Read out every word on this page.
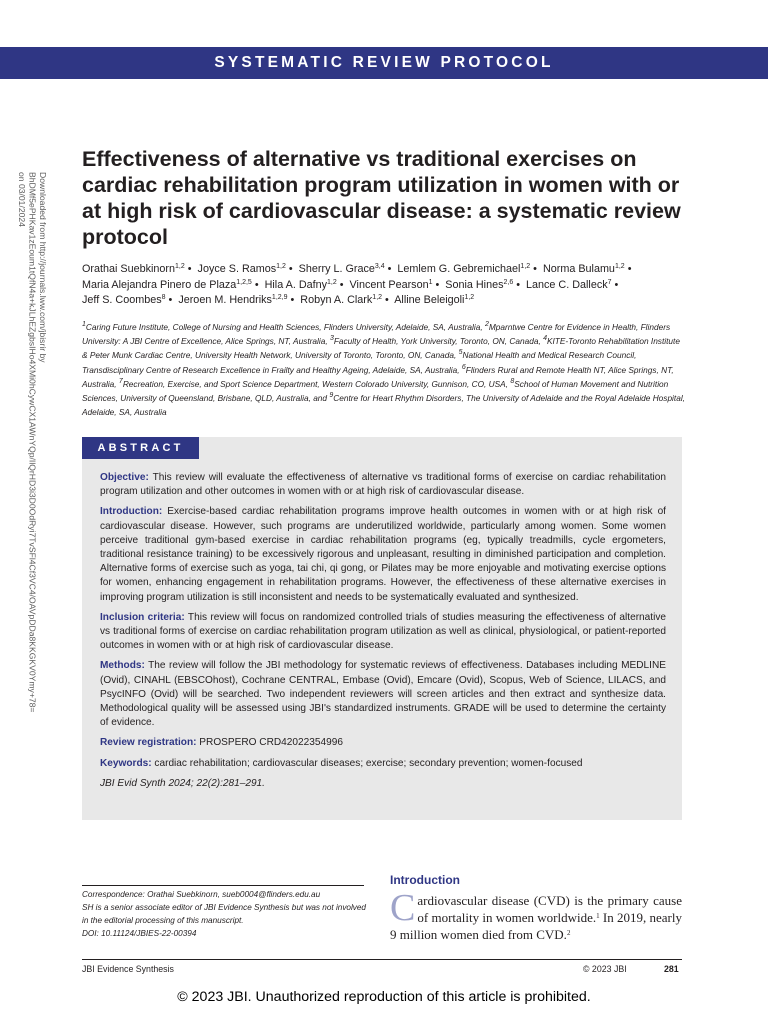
SYSTEMATIC REVIEW PROTOCOL
Downloaded from http://journals.lww.com/jbisrir by BhDMf5ePHKav1zEoum1tQfN4a+kJLhEZgbsIHo4XMi0hCywCX1AWnYQp/IlQrHD3i3D0OdRyi7TvSFl4Cf3VC4/OAVpDDa8KKGKV0Ymy+78= on 03/01/2024
Effectiveness of alternative vs traditional exercises on cardiac rehabilitation program utilization in women with or at high risk of cardiovascular disease: a systematic review protocol
Orathai Suebkinorn$^{1,2}$ • Joyce S. Ramos$^{1,2}$ • Sherry L. Grace$^{3,4}$ • Lemlem G. Gebremichael$^{1,2}$ • Norma Bulamu$^{1,2}$ • Maria Alejandra Pinero de Plaza$^{1,2,5}$ • Hila A. Dafny$^{1,2}$ • Vincent Pearson$^1$ • Sonia Hines$^{2,6}$ • Lance C. Dalleck$^7$ • Jeff S. Coombes$^8$ • Jeroen M. Hendriks$^{1,2,9}$ • Robyn A. Clark$^{1,2}$ • Alline Beleigoli$^{1,2}$
$^1$Caring Future Institute, College of Nursing and Health Sciences, Flinders University, Adelaide, SA, Australia, $^2$Mparntwe Centre for Evidence in Health, Flinders University: A JBI Centre of Excellence, Alice Springs, NT, Australia, $^3$Faculty of Health, York University, Toronto, ON, Canada, $^4$KITE-Toronto Rehabilitation Institute & Peter Munk Cardiac Centre, University Health Network, University of Toronto, Toronto, ON, Canada, $^5$National Health and Medical Research Council, Transdisciplinary Centre of Research Excellence in Frailty and Healthy Ageing, Adelaide, SA, Australia, $^6$Flinders Rural and Remote Health NT, Alice Springs, NT, Australia, $^7$Recreation, Exercise, and Sport Science Department, Western Colorado University, Gunnison, CO, USA, $^8$School of Human Movement and Nutrition Sciences, University of Queensland, Brisbane, QLD, Australia, and $^9$Centre for Heart Rhythm Disorders, The University of Adelaide and the Royal Adelaide Hospital, Adelaide, SA, Australia
ABSTRACT

Objective: This review will evaluate the effectiveness of alternative vs traditional forms of exercise on cardiac rehabilitation program utilization and other outcomes in women with or at high risk of cardiovascular disease.

Introduction: Exercise-based cardiac rehabilitation programs improve health outcomes in women with or at high risk of cardiovascular disease. However, such programs are underutilized worldwide, particularly among women. Some women perceive traditional gym-based exercise in cardiac rehabilitation programs (eg, typically treadmills, cycle ergometers, traditional resistance training) to be excessively rigorous and unpleasant, resulting in diminished participation and completion. Alternative forms of exercise such as yoga, tai chi, qi gong, or Pilates may be more enjoyable and motivating exercise options for women, enhancing engagement in rehabilitation programs. However, the effectiveness of these alternative exercises in improving program utilization is still inconsistent and needs to be systematically evaluated and synthesized.

Inclusion criteria: This review will focus on randomized controlled trials of studies measuring the effectiveness of alternative vs traditional forms of exercise on cardiac rehabilitation program utilization as well as clinical, physiological, or patient-reported outcomes in women with or at high risk of cardiovascular disease.

Methods: The review will follow the JBI methodology for systematic reviews of effectiveness. Databases including MEDLINE (Ovid), CINAHL (EBSCOhost), Cochrane CENTRAL, Embase (Ovid), Emcare (Ovid), Scopus, Web of Science, LILACS, and PsycINFO (Ovid) will be searched. Two independent reviewers will screen articles and then extract and synthesize data. Methodological quality will be assessed using JBI's standardized instruments. GRADE will be used to determine the certainty of evidence.

Review registration: PROSPERO CRD42022354996

Keywords: cardiac rehabilitation; cardiovascular diseases; exercise; secondary prevention; women-focused

JBI Evid Synth 2024; 22(2):281–291.

Correspondence: Orathai Suebkinorn, sueb0004@flinders.edu.au
SH is a senior associate editor of JBI Evidence Synthesis but was not involved in the editorial processing of this manuscript.
DOI: 10.11124/JBIES-22-00394
Introduction
Cardiovascular disease (CVD) is the primary cause of mortality in women worldwide.$^1$ In 2019, nearly 9 million women died from CVD.$^2$
JBI Evidence Synthesis	© 2023 JBI	281
© 2023 JBI. Unauthorized reproduction of this article is prohibited.
